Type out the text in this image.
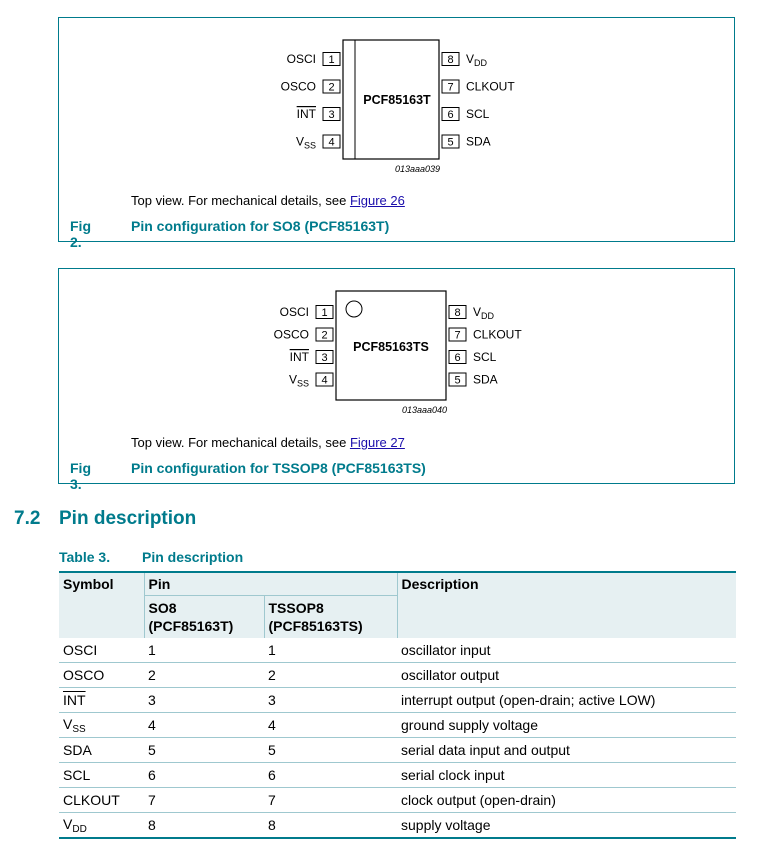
PCF85163T
013aaa039
1
OSCI
2
OSCO
3
INT
4
$V_{SS}$
8 $V_{DD}$
7 CLKOUT
6 SCL
5 SDA
Top view. For mechanical details, see Figure 26
Fig 2.
Pin configuration for SO8 (PCF85163T)
PCF85163TS
013aaa040
1
OSCI
2
OSCO
3
INT
4
$V_{SS}$
8 $V_{DD}$
7 CLKOUT
6 SCL
5 SDA
Top view. For mechanical details, see Figure 27
Fig 3.
Pin configuration for TSSOP8 (PCF85163TS)
7.2 Pin description
Table 3. Pin description
Symbol	Pin		Description
	SO8
(PCF85163T)	TSSOP8
(PCF85163TS)	
OSCI	1	1	oscillator input
OSCO	2	2	oscillator output
$\overline{INT}$	3	3	interrupt output (open-drain; active LOW)
$V_{SS}$	4	4	ground supply voltage
SDA	5	5	serial data input and output
SCL	6	6	serial clock input
CLKOUT	7	7	clock output (open-drain)
$V_{DD}$	8	8	supply voltage
